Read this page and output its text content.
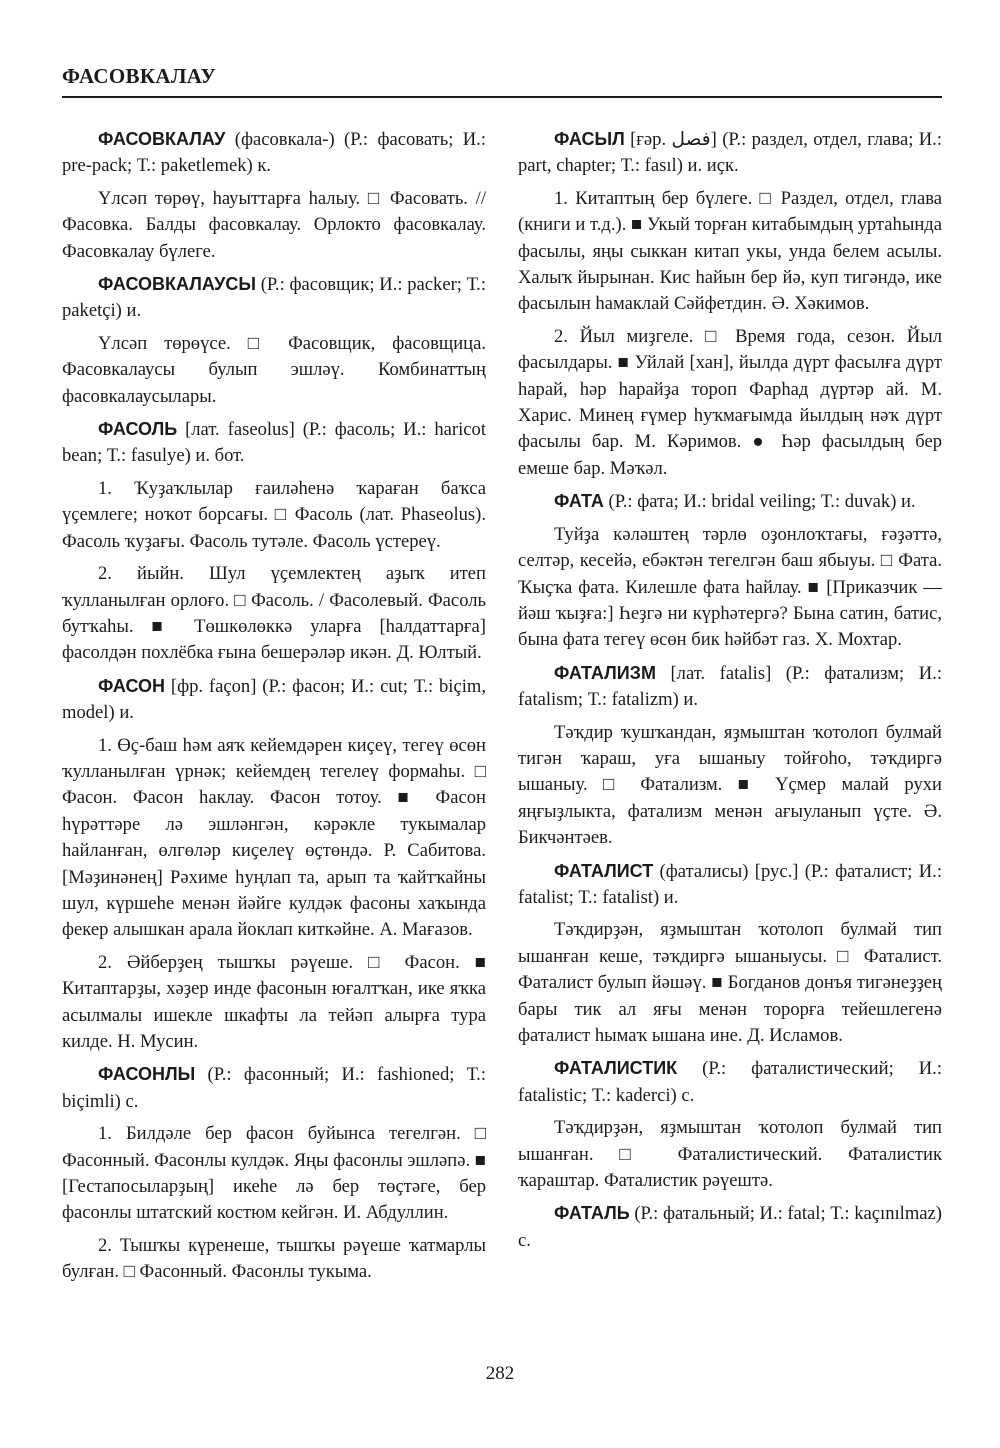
ФАСОВКАЛАУ

ФАСОВКАЛАУ (фасовкала-) (Р.: фасовать; И.: pre-pack; Т.: paketlemek) к.

Үлсәп төрөү, һауыттарға һалыу. □ Фасовать. // Фасовка. Балды фасовкалау. Орлокто фасовкалау. Фасовкалау бүлеге.

ФАСОВКАЛАУСЫ (Р.: фасовщик; И.: packer; Т.: paketçi) и.

Үлсәп төрөүсе. □ Фасовщик, фасовщица. Фасовкалаусы булып эшләү. Комбинаттың фасовкалаусылары.

ФАСОЛЬ [лат. faseolus] (Р.: фасоль; И.: haricot bean; Т.: fasulye) и. бот.

1. Ҡуҙаҡлылар ғаиләһенә ҡараған баҡса үҫемлеге; ноҡот борсағы. □ Фасоль (лат. Phaseolus). Фасоль ҡуҙағы. Фасоль тутәле. Фасоль үстереү.

2. йыйн. Шул үҫемлектең аҙыҡ итеп ҡулланылған орлоғо. □ Фасоль. / Фасолевый. Фасоль бутҡаһы. ■ Төшкөлөккә уларға [һалдаттарға] фасолдән похлёбка ғына бешерәләр икән. Д. Юлтый.

ФАСОН [фр. façon] (Р.: фасон; И.: cut; Т.: biçim, model) и.

1. Өҫ-баш һәм аяҡ кейемдәрен киҫеү, тегеү өсөн ҡулланылған үрнәк; кейемдең тегелеү формаһы. □ Фасон. Фасон һаклау. Фасон тотоу. ■ Фасон һүрәттәре лә эшләнгән, кәрәкле тукымалар һайланған, өлгөләр киҫелеү өҫтөндә. Р. Сабитова. [Мәҙинәнең] Рәхиме һуңлап та, арып та ҡайтҡайны шул, күршеһе менән йәйге кулдәк фасоны хаҡында фекер алышкан арала йоклап киткәйне. А. Мағазов.

2. Әйберҙең тышҡы рәүеше. □ Фасон. ■ Китаптарҙы, хәҙер инде фасонын юғалтҡан, ике яҡка асылмалы ишекле шкафты ла тейәп алырға тура килде. Н. Мусин.

ФАСОНЛЫ (Р.: фасонный; И.: fashioned; Т.: biçimli) с.

1. Билдәле бер фасон буйынса тегелгән. □ Фасонный. Фасонлы кулдәк. Яңы фасонлы эшләпә. ■ [Гестапосыларҙың] икеһе лә бер төҫтәге, бер фасонлы штатский костюм кейгән. И. Абдуллин.

2. Тышҡы күренеше, тышҡы рәүеше ҡатмарлы булған. □ Фасонный. Фасонлы тукыма.

ФАСЫЛ [ғәр. فصل] (Р.: раздел, отдел, глава; И.: part, chapter; Т.: fasıl) и. иҫк.

1. Китаптың бер бүлеге. □ Раздел, отдел, глава (книги и т.д.). ■ Укый торған китабымдың уртаһында фасылы, яңы сыккан китап укы, унда белем асылы. Халыҡ йырынан. Кис һайын бер йә, куп тигәндә, ике фасылын һамаклай Сәйфетдин. Ә. Хәкимов.

2. Йыл миҙгеле. □ Время года, сезон. Йыл фасылдары. ■ Уйлай [хан], йылда дүрт фасылға дүрт һарай, һәр һарайҙа тороп Фарһад дүртәр ай. М. Харис. Минең ғүмер һуҡмағымда йылдың нәҡ дүрт фасылы бар. М. Кәримов. ● Һәр фасылдың бер емеше бар. Мәҡәл.

ФАТА (Р.: фата; И.: bridal veiling; Т.: duvak) и.

Туйҙа кәләштең тәрлө оҙонлоҡтағы, ғәҙәттә, селтәр, кесейә, ебәктән тегелгән баш ябыуы. □ Фата. Ҡыҫҡа фата. Килешле фата һайлау. ■ [Приказчик — йәш ҡыҙға:] Һеҙгә ни күрһәтергә? Бына сатин, батис, бына фата тегеү өсөн бик һәйбәт газ. Х. Мохтар.

ФАТАЛИЗМ [лат. fatalis] (Р.: фатализм; И.: fatalism; Т.: fatalizm) и.

Тәҡдир ҡушҡандан, яҙмыштан ҡотолоп булмай тигән ҡараш, уға ышаныу тойғоһо, тәҡдиргә ышаныу. □ Фатализм. ■ Үҫмер малай рухи яңғыҙлыкта, фатализм менән ағыуланып үҫте. Ә. Бикчәнтәев.

ФАТАЛИСТ (фаталисы) [рус.] (Р.: фаталист; И.: fatalist; Т.: fatalist) и.

Тәҡдирҙән, яҙмыштан ҡотолоп булмай тип ышанған кеше, тәҡдиргә ышаныусы. □ Фаталист. Фаталист булып йәшәү. ■ Богданов донъя тигәнеҙҙең бары тик ал яғы менән торорға тейешлегенә фаталист һымаҡ ышана ине. Д. Исламов.

ФАТАЛИСТИК (Р.: фаталистический; И.: fatalistic; Т.: kaderci) с.

Тәҡдирҙән, яҙмыштан ҡотолоп булмай тип ышанған. □ Фаталистический. Фаталистик ҡараштар. Фаталистик рәүештә.

ФАТАЛЬ (Р.: фатальный; И.: fatal; Т.: kaçınılmaz) с.

282
